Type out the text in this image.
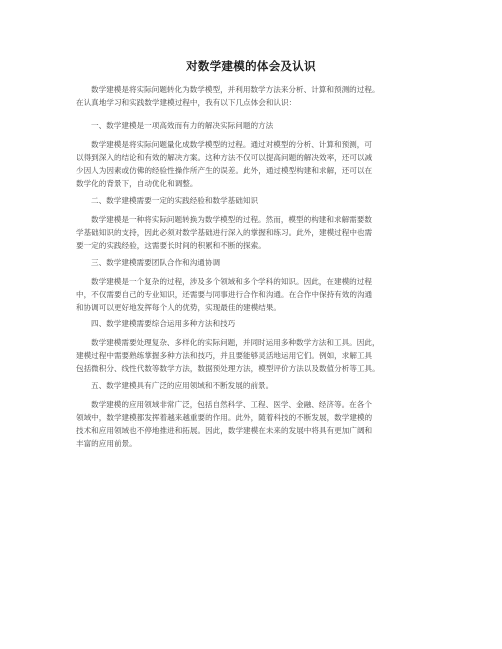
对数学建模的体会及认识
数学建模是将实际问题转化为数学模型，并利用数学方法来分析、计算和预测的过程。
在认真地学习和实践数学建模过程中，我有以下几点体会和认识：
一、数学建模是一项高效而有力的解决实际问题的方法
数学建模是将实际问题量化成数学模型的过程。通过对模型的分析、计算和预测，可
以得到深入的结论和有效的解决方案。这种方法不仅可以提高问题的解决效率，还可以减
少因人为因素或仿佛的经验性操作所产生的误差。此外，通过模型构建和求解，还可以在
数学化的背景下，自动优化和调整。
二、数学建模需要一定的实践经验和数学基础知识
数学建模是一种将实际问题转换为数学模型的过程。然而，模型的构建和求解需要数
学基础知识的支持，因此必须对数学基础进行深入的掌握和练习。此外，建模过程中也需
要一定的实践经验，这需要长时间的积累和不断的探索。
三、数学建模需要团队合作和沟通协调
数学建模是一个复杂的过程，涉及多个领域和多个学科的知识。因此，在建模的过程
中，不仅需要自己的专业知识，还需要与同事进行合作和沟通。在合作中保持有效的沟通
和协调可以更好地发挥每个人的优势，实现最佳的建模结果。
四、数学建模需要综合运用多种方法和技巧
数学建模需要处理复杂、多样化的实际问题，并同时运用多种数学方法和工具。因此，
建模过程中需要熟练掌握多种方法和技巧，并且要能够灵活地运用它们。例如，求解工具
包括微积分、线性代数等数学方法，数据预处理方法，模型评价方法以及数值分析等工具。
五、数学建模具有广泛的应用领域和不断发展的前景。
数学建模的应用领域非常广泛，包括自然科学、工程、医学、金融、经济等。在各个
领域中，数学建模都发挥着越来越重要的作用。此外，随着科技的不断发展，数学建模的
技术和应用领域也不停地推进和拓展。因此，数学建模在未来的发展中将具有更加广阔和
丰富的应用前景。
